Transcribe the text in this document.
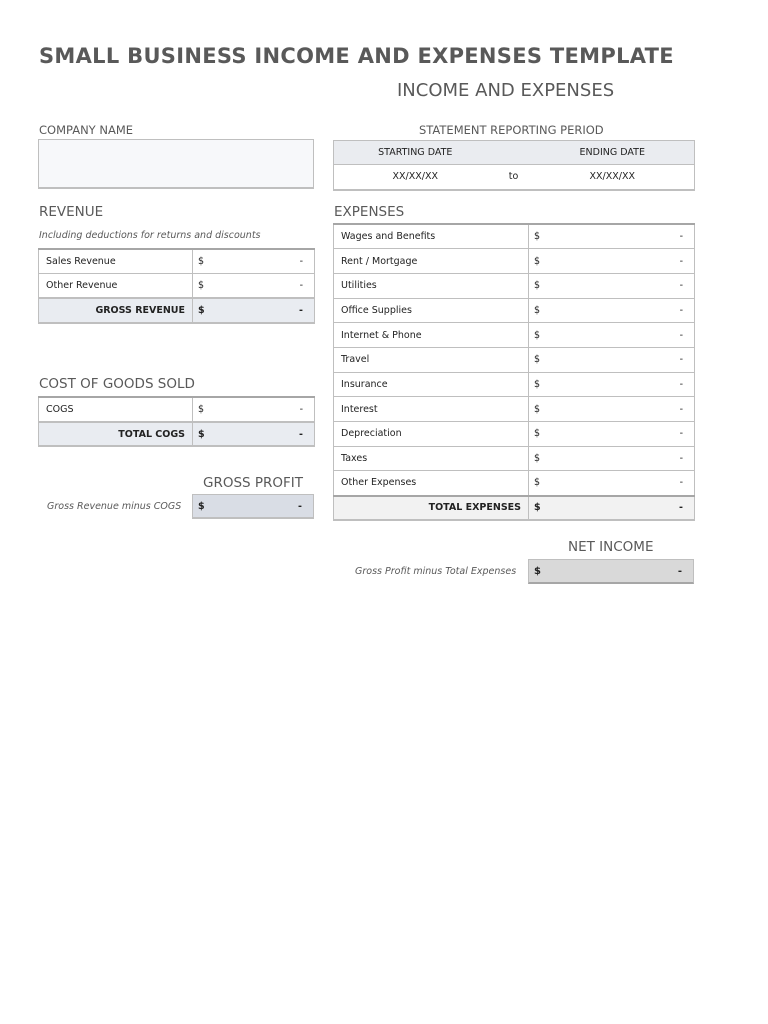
SMALL BUSINESS INCOME AND EXPENSES TEMPLATE
INCOME AND EXPENSES
COMPANY NAME	STATEMENT REPORTING PERIOD
STARTING DATE		ENDING DATE
XX/XX/XX	to	XX/XX/XX
REVENUE
Including deductions for returns and discounts
Sales Revenue	$ -

Other Revenue	$ -

GROSS REVENUE	$ -
COST OF GOODS SOLD
COGS	$ -

TOTAL COGS	$ -
GROSS PROFIT
Gross Revenue minus COGS $	-
EXPENSES
Wages and Benefits	$ -

Rent / Mortgage	$ -

Utilities	$ -

Office Supplies	$ -

Internet & Phone	$ -

Travel	$ -

Insurance	$ -

Interest	$ -

Depreciation	$ -

Taxes	$ -

Other Expenses	$ -

TOTAL EXPENSES	$ -
NET INCOME
Gross Profit minus Total Expenses $	-
